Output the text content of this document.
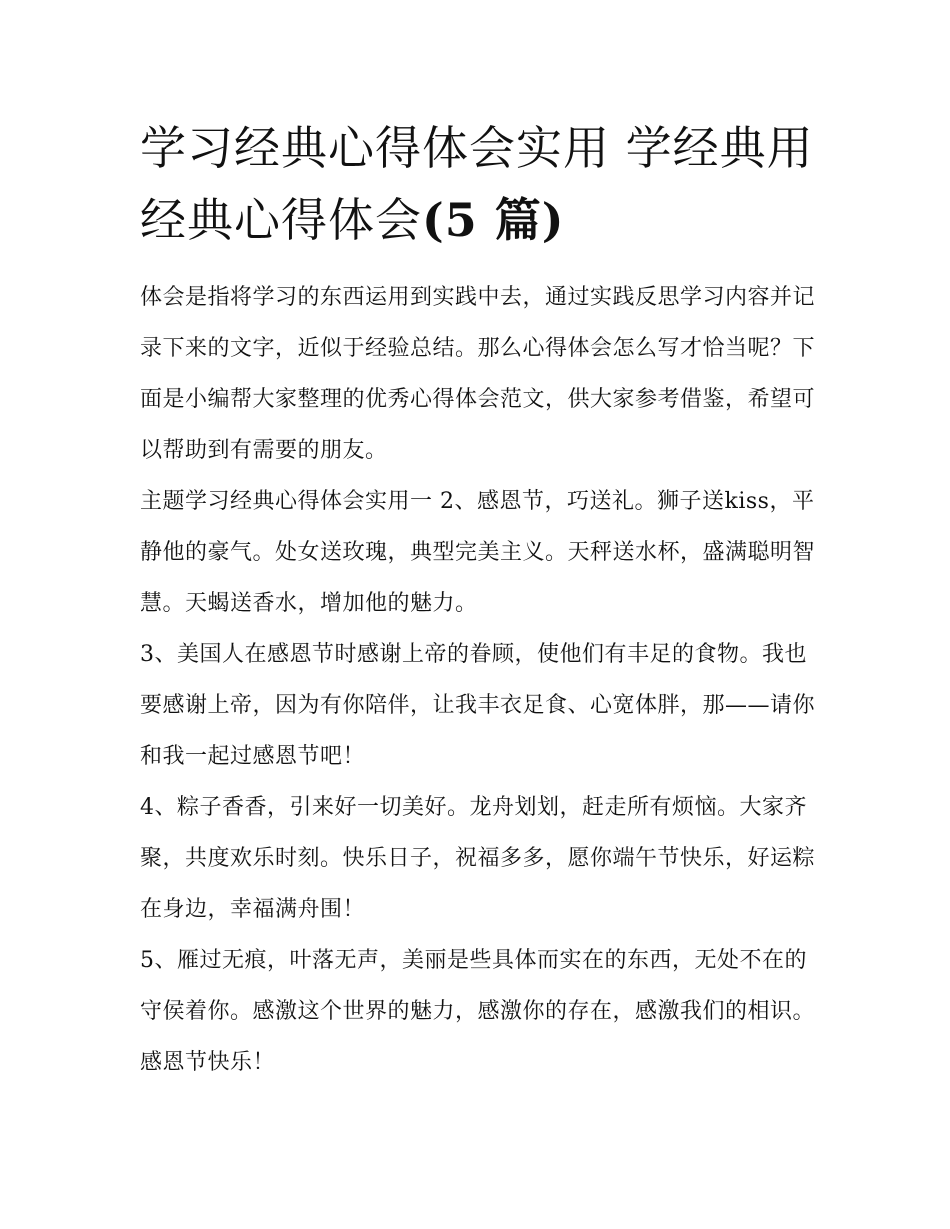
学习经典心得体会实用 学经典用经典心得体会(5 篇)

体会是指将学习的东西运用到实践中去，通过实践反思学习内容并记录下来的文字，近似于经验总结。那么心得体会怎么写才恰当呢？下面是小编帮大家整理的优秀心得体会范文，供大家参考借鉴，希望可以帮助到有需要的朋友。

主题学习经典心得体会实用一 2、感恩节，巧送礼。狮子送kiss，平静他的豪气。处女送玫瑰，典型完美主义。天秤送水杯，盛满聪明智慧。天蝎送香水，增加他的魅力。

3、美国人在感恩节时感谢上帝的眷顾，使他们有丰足的食物。我也要感谢上帝，因为有你陪伴，让我丰衣足食、心宽体胖，那——请你和我一起过感恩节吧！

4、粽子香香，引来好一切美好。龙舟划划，赶走所有烦恼。大家齐聚，共度欢乐时刻。快乐日子，祝福多多，愿你端午节快乐，好运粽在身边，幸福满舟围！

5、雁过无痕，叶落无声，美丽是些具体而实在的东西，无处不在的守侯着你。感激这个世界的魅力，感激你的存在，感激我们的相识。感恩节快乐！
